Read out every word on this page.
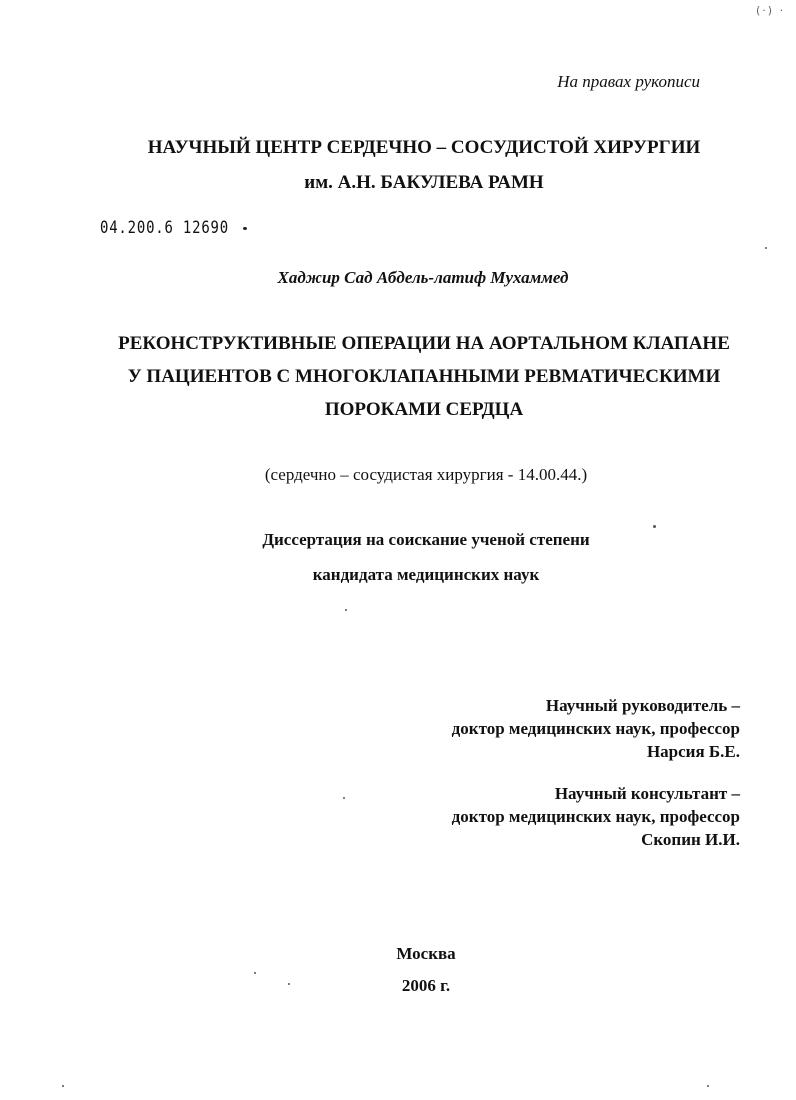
(·) ·
На правах рукописи
НАУЧНЫЙ ЦЕНТР СЕРДЕЧНО – СОСУДИСТОЙ ХИРУРГИИ
им. А.Н. БАКУЛЕВА РАМН
04.200.6 12690
Хаджир Сад Абдель-латиф Мухаммед
РЕКОНСТРУКТИВНЫЕ ОПЕРАЦИИ НА АОРТАЛЬНОМ КЛАПАНЕ
У ПАЦИЕНТОВ С МНОГОКЛАПАННЫМИ РЕВМАТИЧЕСКИМИ
ПОРОКАМИ СЕРДЦА
(сердечно – сосудистая хирургия - 14.00.44.)
Диссертация на соискание ученой степени
кандидата медицинских наук
Научный руководитель –
доктор медицинских наук, профессор
Нарсия Б.Е.
Научный консультант –
доктор медицинских наук, профессор
Скопин И.И.
Москва
2006 г.
